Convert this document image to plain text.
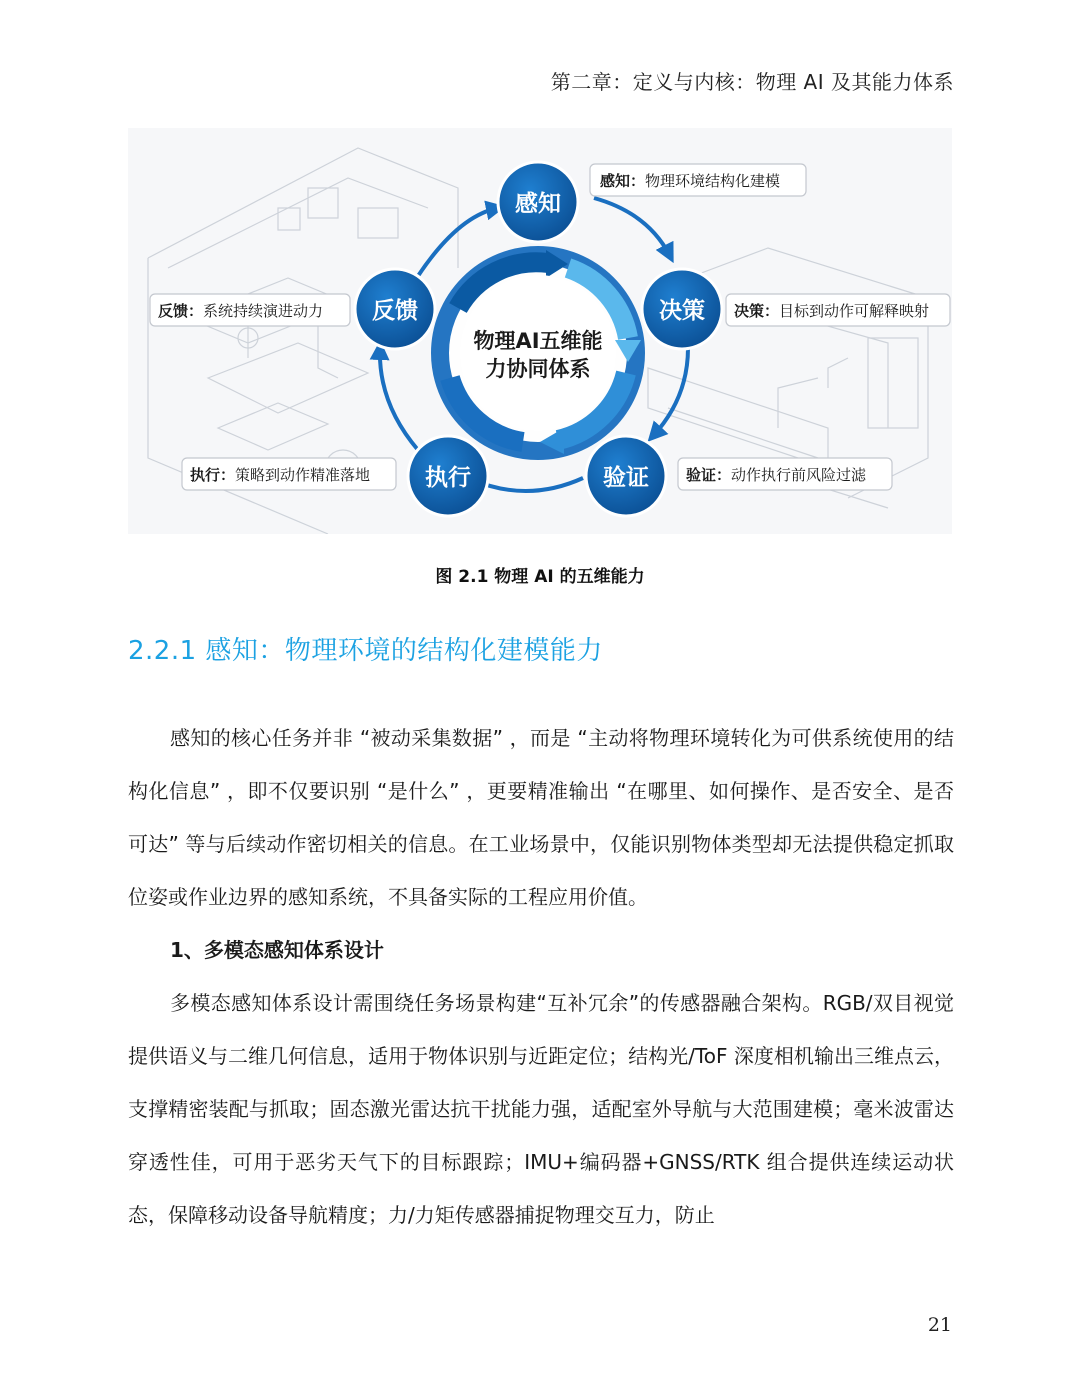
第二章：定义与内核：物理 AI 及其能力体系
物理AI五维能
力协同体系
感知
决策
验证
执行
反馈
感知：物理环境结构化建模
决策：目标到动作可解释映射
验证：动作执行前风险过滤
执行：策略到动作精准落地
反馈：系统持续演进动力
图 2.1 物理 AI 的五维能力
2.2.1 感知：物理环境的结构化建模能力
感知的核心任务并非 “被动采集数据” ，而是 “主动将物理环境转化为可供系统使用的结构化信息” ，即不仅要识别 “是什么” ，更要精准输出 “在哪里、如何操作、是否安全、是否可达” 等与后续动作密切相关的信息。在工业场景中，仅能识别物体类型却无法提供稳定抓取位姿或作业边界的感知系统，不具备实际的工程应用价值。
1、多模态感知体系设计
多模态感知体系设计需围绕任务场景构建“互补冗余”的传感器融合架构。RGB/双目视觉提供语义与二维几何信息，适用于物体识别与近距定位；结构光/ToF 深度相机输出三维点云，支撑精密装配与抓取；固态激光雷达抗干扰能力强，适配室外导航与大范围建模；毫米波雷达穿透性佳，可用于恶劣天气下的目标跟踪；IMU+编码器+GNSS/RTK 组合提供连续运动状态，保障移动设备导航精度；力/力矩传感器捕捉物理交互力，防止
21
